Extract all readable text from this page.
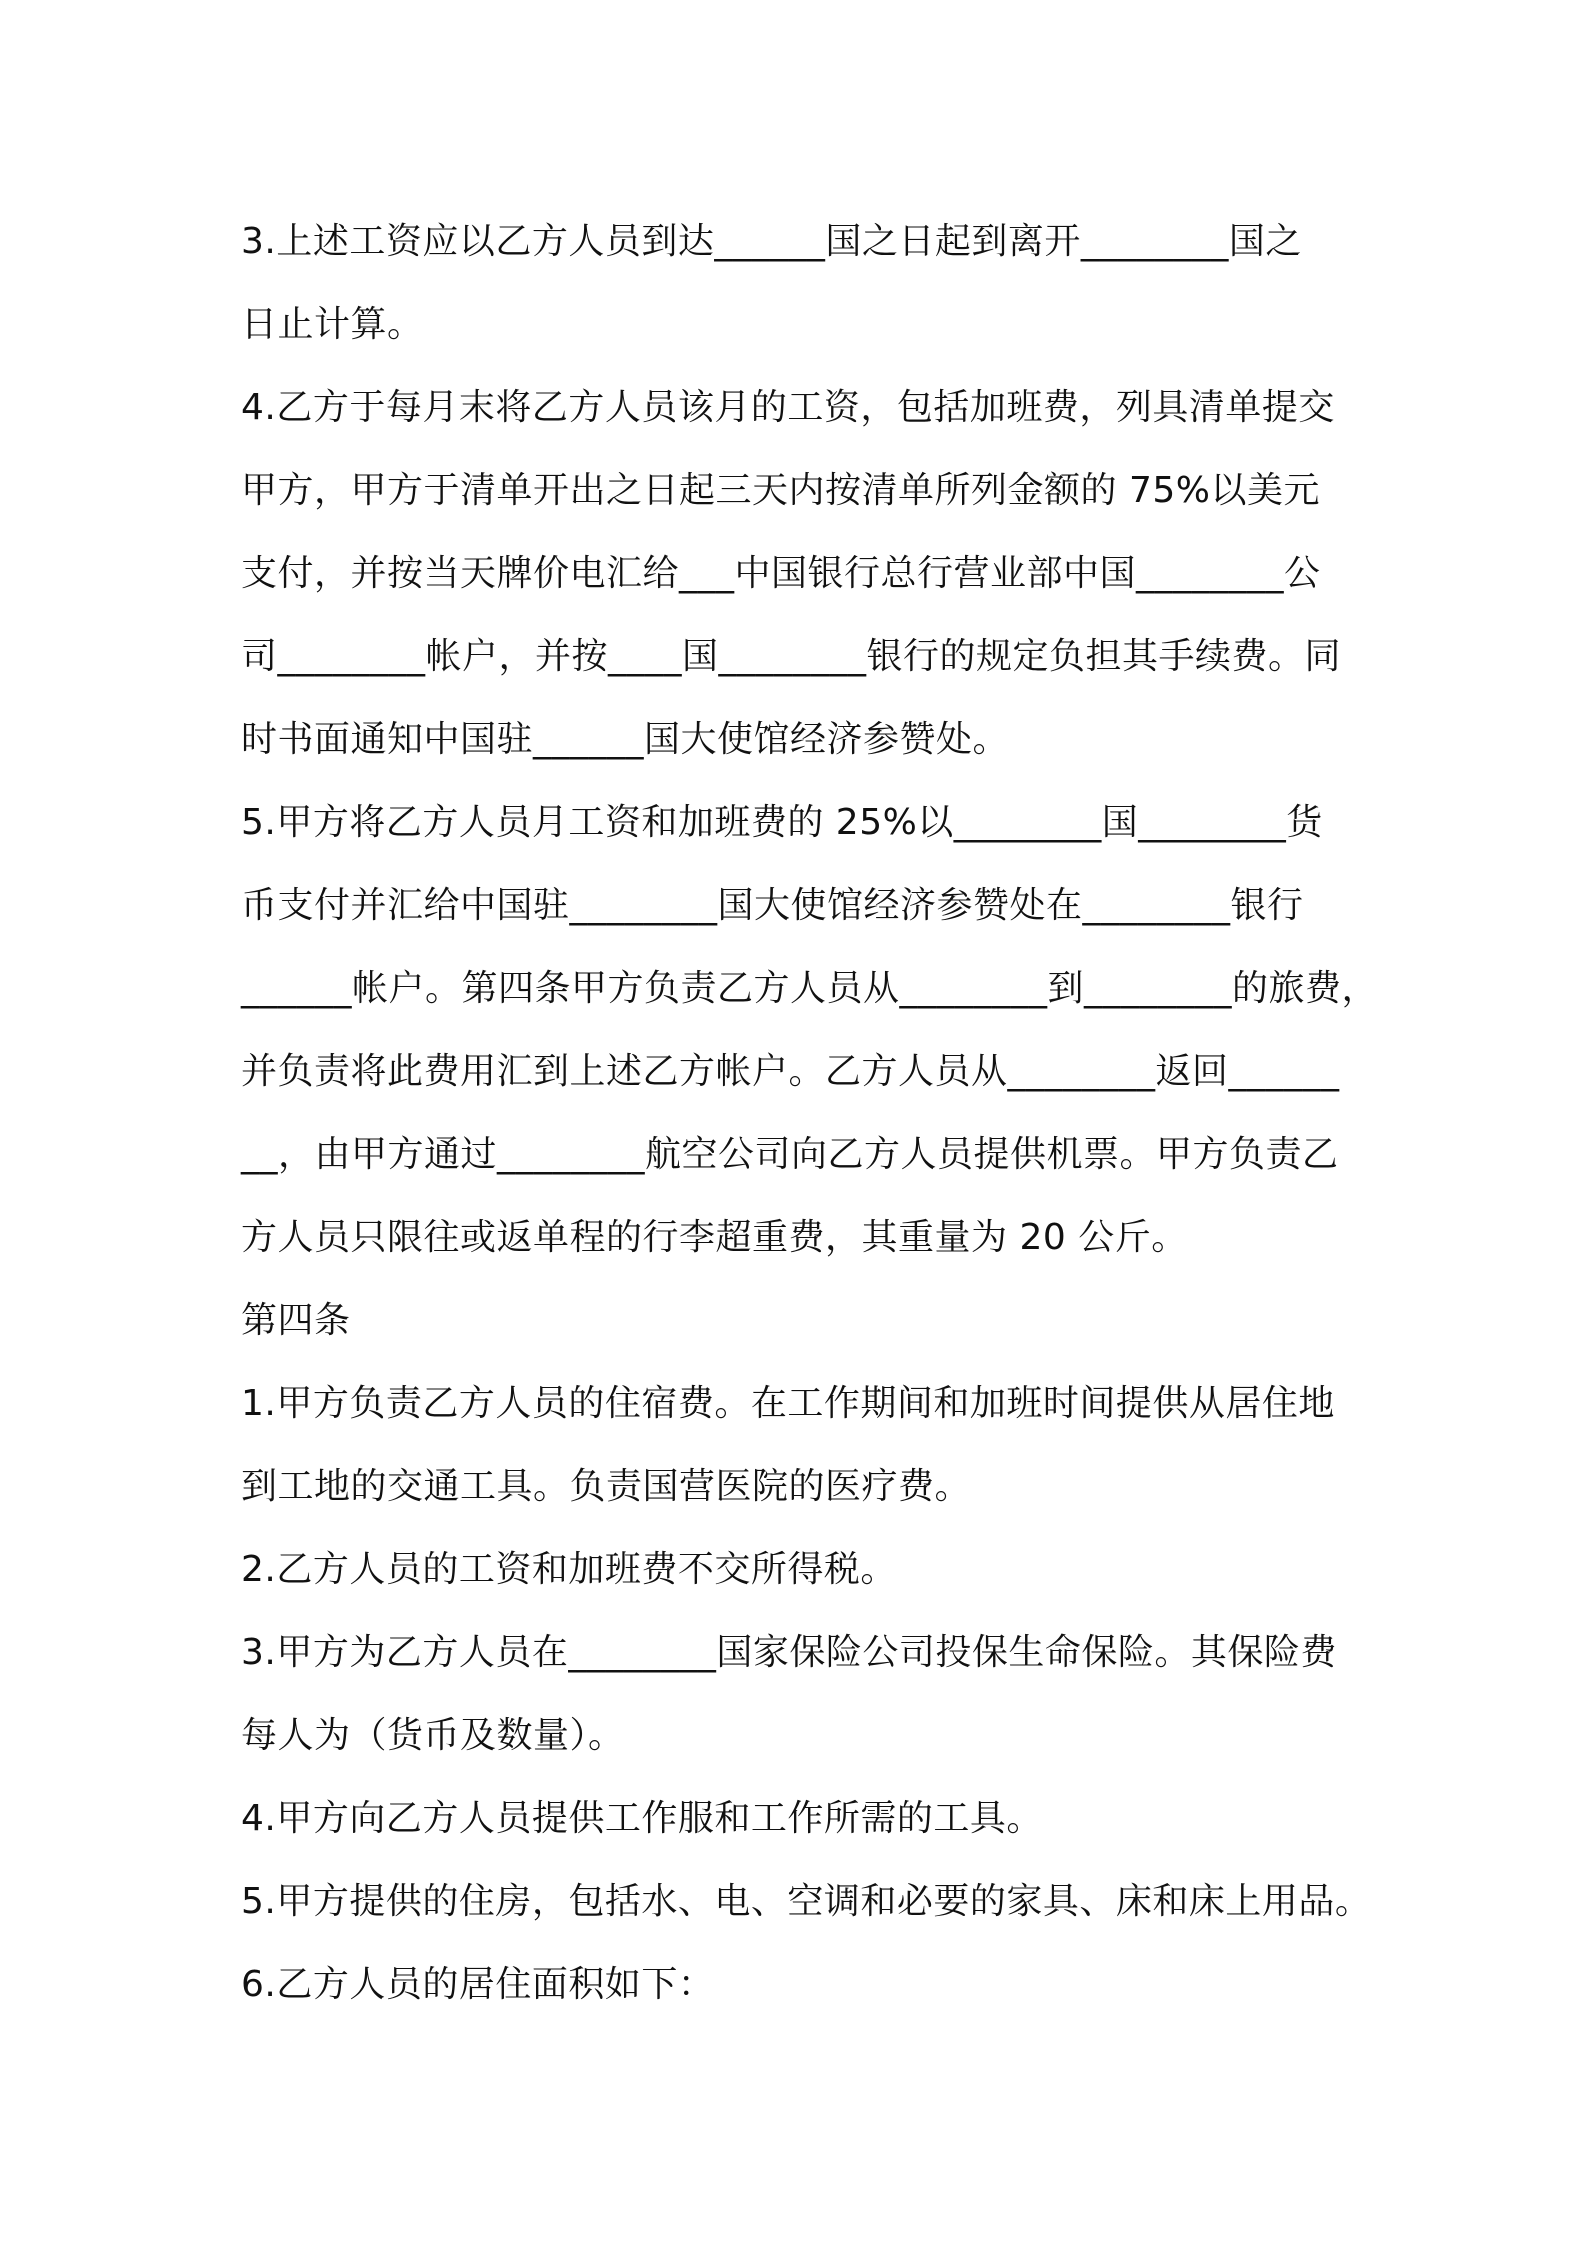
3.上述工资应以乙方人员到达______国之日起到离开________国之

日止计算。

4.乙方于每月末将乙方人员该月的工资，包括加班费，列具清单提交

甲方，甲方于清单开出之日起三天内按清单所列金额的 75%以美元

支付，并按当天牌价电汇给___中国银行总行营业部中国________公

司________帐户，并按____国________银行的规定负担其手续费。同

时书面通知中国驻______国大使馆经济参赞处。

5.甲方将乙方人员月工资和加班费的 25%以________国________货

币支付并汇给中国驻________国大使馆经济参赞处在________银行

______帐户。第四条甲方负责乙方人员从________到________的旅费，

并负责将此费用汇到上述乙方帐户。乙方人员从________返回______

__，由甲方通过________航空公司向乙方人员提供机票。甲方负责乙

方人员只限往或返单程的行李超重费，其重量为 20 公斤。

第四条

1.甲方负责乙方人员的住宿费。在工作期间和加班时间提供从居住地

到工地的交通工具。负责国营医院的医疗费。

2.乙方人员的工资和加班费不交所得税。

3.甲方为乙方人员在________国家保险公司投保生命保险。其保险费

每人为（货币及数量）。

4.甲方向乙方人员提供工作服和工作所需的工具。

5.甲方提供的住房，包括水、电、空调和必要的家具、床和床上用品。

6.乙方人员的居住面积如下：
